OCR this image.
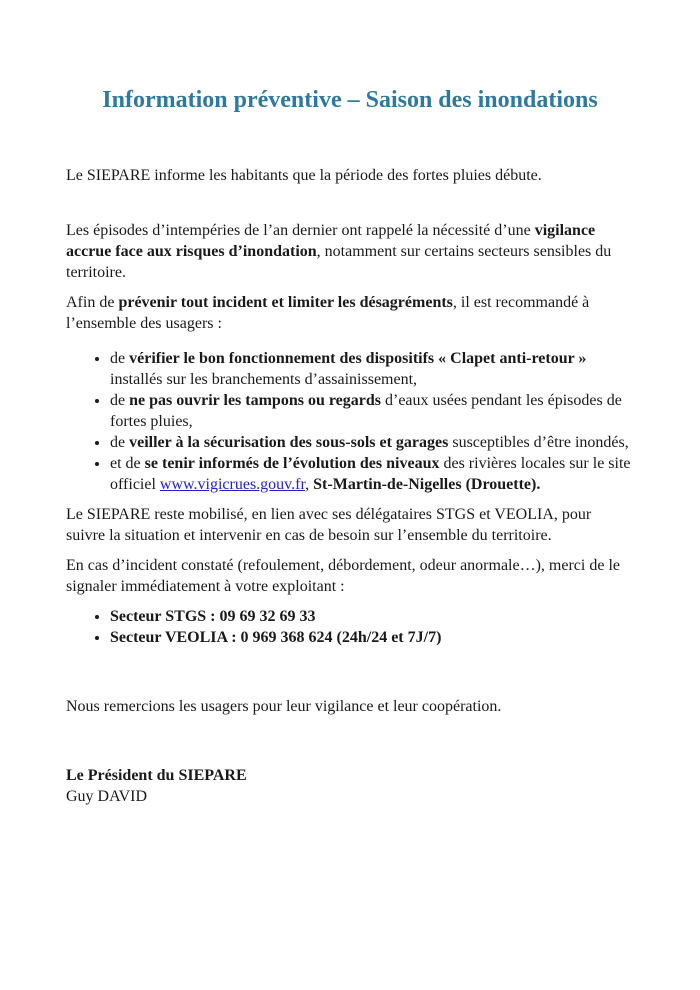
Information préventive – Saison des inondations

Le SIEPARE informe les habitants que la période des fortes pluies débute.

Les épisodes d’intempéries de l’an dernier ont rappelé la nécessité d’une vigilance accrue face aux risques d’inondation, notamment sur certains secteurs sensibles du territoire.

Afin de prévenir tout incident et limiter les désagréments, il est recommandé à l’ensemble des usagers :

• de vérifier le bon fonctionnement des dispositifs « Clapet anti-retour » installés sur les branchements d’assainissement,
• de ne pas ouvrir les tampons ou regards d’eaux usées pendant les épisodes de fortes pluies,
• de veiller à la sécurisation des sous-sols et garages susceptibles d’être inondés,
• et de se tenir informés de l’évolution des niveaux des rivières locales sur le site officiel www.vigicrues.gouv.fr, St-Martin-de-Nigelles (Drouette).

Le SIEPARE reste mobilisé, en lien avec ses délégataires STGS et VEOLIA, pour suivre la situation et intervenir en cas de besoin sur l’ensemble du territoire.

En cas d’incident constaté (refoulement, débordement, odeur anormale…), merci de le signaler immédiatement à votre exploitant :

• Secteur STGS : 09 69 32 69 33
• Secteur VEOLIA : 0 969 368 624 (24h/24 et 7J/7)

Nous remercions les usagers pour leur vigilance et leur coopération.

Le Président du SIEPARE

Guy DAVID
